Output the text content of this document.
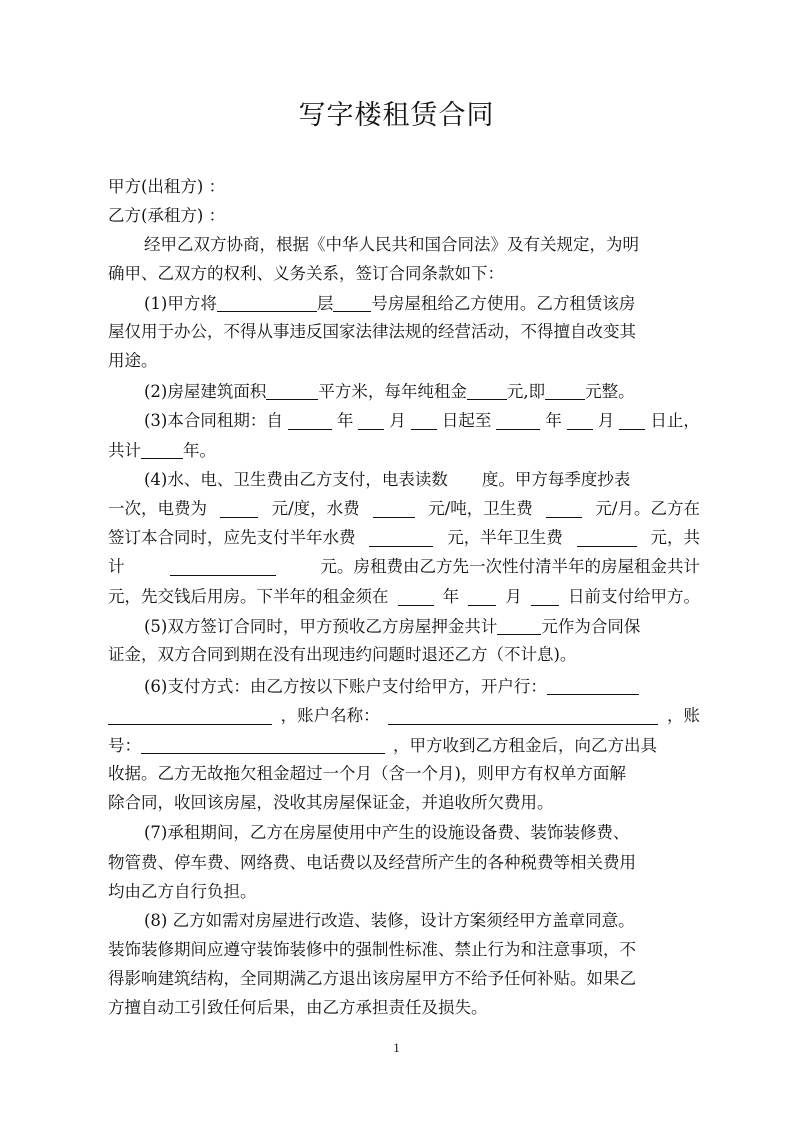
写字楼租赁合同
甲方(出租方) ：
乙方(承租方) ：
经甲乙双方协商，根据《中华人民共和国合同法》及有关规定，为明
确甲、乙双方的权利、义务关系，签订合同条款如下：
(1)甲方将	层 号房屋租给乙方使用。乙方租赁该房
屋仅用于办公，不得从事违反国家法律法规的经营活动，不得擅自改变其
用途。
(2)房屋建筑面积	平方米，每年纯租金 元,即 元整。
(3)本合同租期：自	年 月 日起至	年 月 日止，
共计	年。
(4)水、电、卫生费由乙方支付，电表读数 度。甲方每季度抄表
一次，电费为	元/度，水费	元/吨，卫生费	元/月。乙方在
签订本合同时，应先支付半年水费	元，半年卫生费	元，共
计	元。房租费由乙方先一次性付清半年的房屋租金共计
元，先交钱后用房。下半年的租金须在	年	月	日前支付给甲方。
(5)双方签订合同时，甲方预收乙方房屋押金共计	元作为合同保
证金，双方合同到期在没有出现违约问题时退还乙方（不计息)。
(6)支付方式：由乙方按以下账户支付给甲方，开户行：
，账户名称：	，账
号：	，甲方收到乙方租金后，向乙方出具
收据。乙方无故拖欠租金超过一个月（含一个月)，则甲方有权单方面解
除合同，收回该房屋，没收其房屋保证金，并追收所欠费用。
(7)承租期间，乙方在房屋使用中产生的设施设备费、装饰装修费、
物管费、停车费、网络费、电话费以及经营所产生的各种税费等相关费用
均由乙方自行负担。
(8) 乙方如需对房屋进行改造、装修，设计方案须经甲方盖章同意。
装饰装修期间应遵守装饰装修中的强制性标准、禁止行为和注意事项，不
得影响建筑结构，全同期满乙方退出该房屋甲方不给予任何补贴。如果乙
方擅自动工引致任何后果，由乙方承担责任及损失。
1
